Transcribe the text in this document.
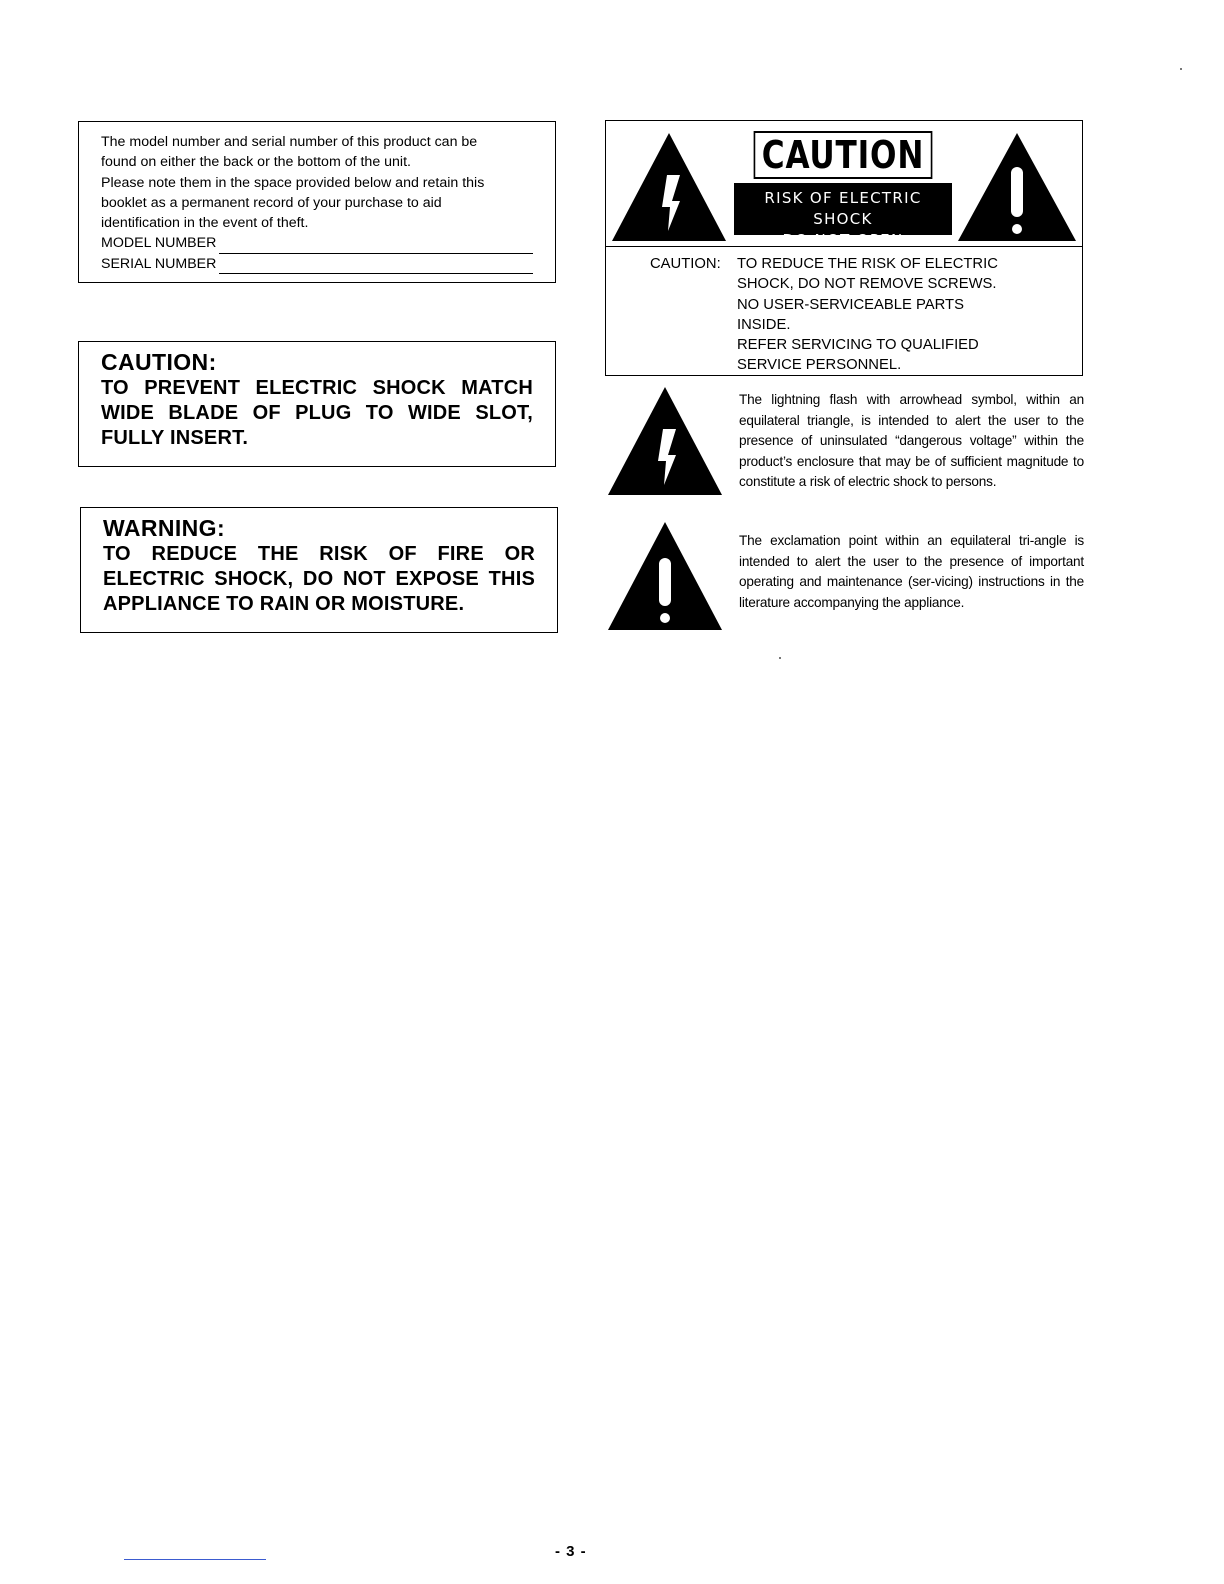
The model number and serial number of this product can be

found on either the back or the bottom of the unit.

Please note them in the space provided below and retain this

booklet as a permanent record of your purchase to aid

identification in the event of theft.

MODEL NUMBER
SERIAL NUMBER
CAUTION:
TO PREVENT ELECTRIC SHOCK MATCH WIDE BLADE OF PLUG TO WIDE SLOT, FULLY INSERT.
WARNING:
TO REDUCE THE RISK OF FIRE OR ELECTRIC SHOCK, DO NOT EXPOSE THIS APPLIANCE TO RAIN OR MOISTURE.
CAUTION
RISK OF ELECTRIC SHOCK
DO NOT OPEN
CAUTION:	TO REDUCE THE RISK OF ELECTRIC
SHOCK, DO NOT REMOVE SCREWS.
NO USER-SERVICEABLE PARTS
INSIDE.
REFER SERVICING TO QUALIFIED
SERVICE PERSONNEL.
The lightning flash with arrowhead symbol, within an equilateral triangle, is intended to alert the user to the presence of uninsulated “dangerous voltage” within the product’s enclosure that may be of sufficient magnitude to constitute a risk of electric shock to persons.
The exclamation point within an equilateral tri-angle is intended to alert the user to the presence of important operating and maintenance (ser-vicing) instructions in the literature accompanying the appliance.
- 3 -
